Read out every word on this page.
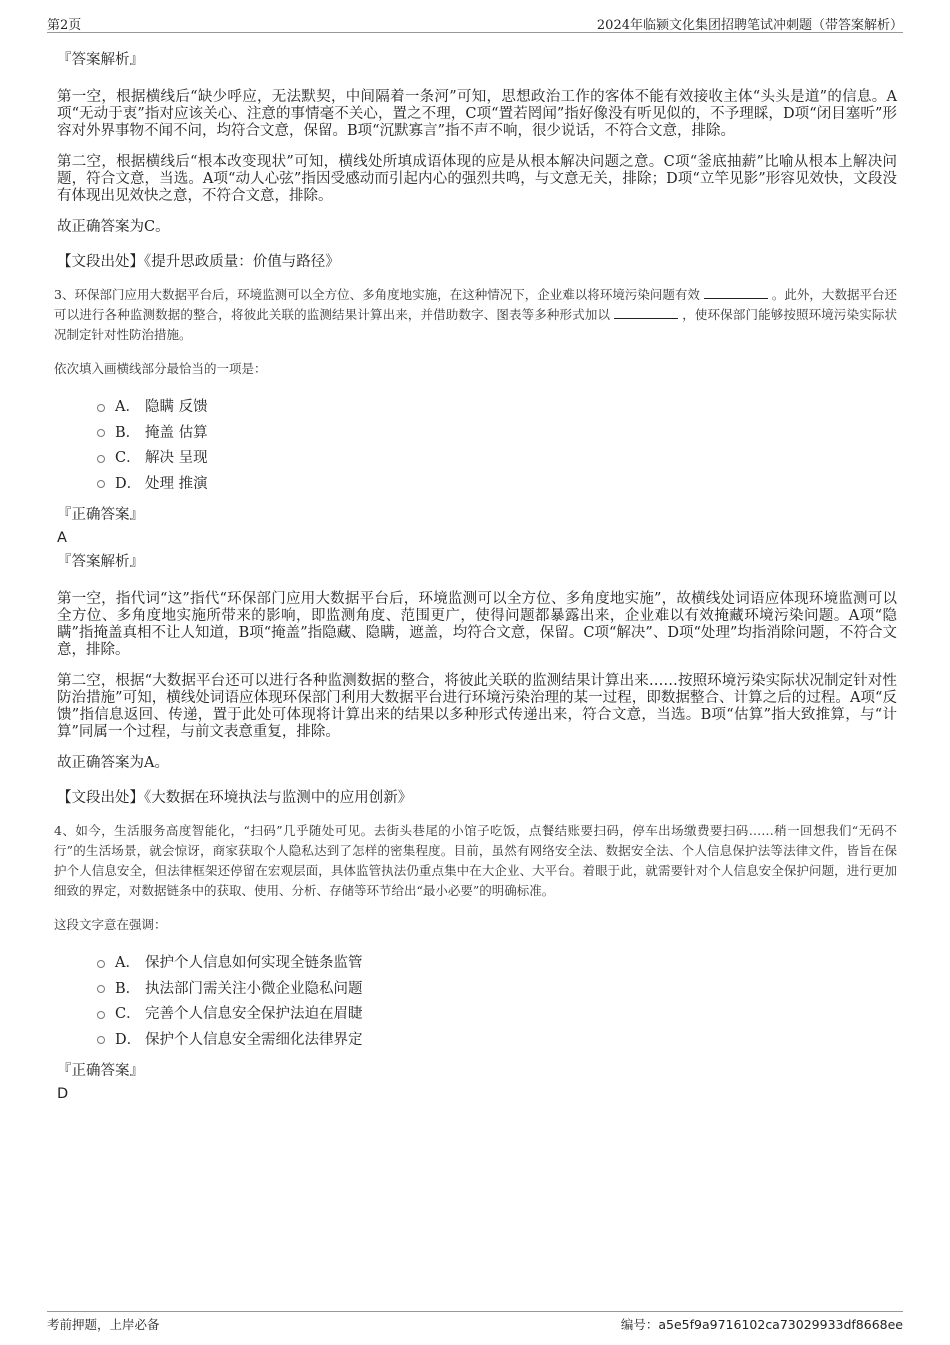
第2页	2024年临颍文化集团招聘笔试冲刺题（带答案解析）
『答案解析』
第一空，根据横线后“缺少呼应，无法默契，中间隔着一条河”可知，思想政治工作的客体不能有效接收主体“头头是道”的信息。A项“无动于衷”指对应该关心、注意的事情毫不关心，置之不理，C项“置若罔闻”指好像没有听见似的，不予理睬，D项“闭目塞听”形容对外界事物不闻不问，均符合文意，保留。B项“沉默寡言”指不声不响，很少说话，不符合文意，排除。
第二空，根据横线后“根本改变现状”可知，横线处所填成语体现的应是从根本解决问题之意。C项“釜底抽薪”比喻从根本上解决问题，符合文意，当选。A项“动人心弦”指因受感动而引起内心的强烈共鸣，与文意无关，排除；D项“立竿见影”形容见效快，文段没有体现出见效快之意，不符合文意，排除。
故正确答案为C。
【文段出处】《提升思政质量：价值与路径》
3、环保部门应用大数据平台后，环境监测可以全方位、多角度地实施，在这种情况下，企业难以将环境污染问题有效	。此外，大数据平台还可以进行各种监测数据的整合，将彼此关联的监测结果计算出来，并借助数字、图表等多种形式加以	，使环保部门能够按照环境污染实际状况制定针对性防治措施。
依次填入画横线部分最恰当的一项是：
A． 隐瞒 反馈
B． 掩盖 估算
C． 解决 呈现
D． 处理 推演
『正确答案』
A
『答案解析』
第一空，指代词“这”指代“环保部门应用大数据平台后，环境监测可以全方位、多角度地实施”，故横线处词语应体现环境监测可以全方位、多角度地实施所带来的影响，即监测角度、范围更广，使得问题都暴露出来，企业难以有效掩藏环境污染问题。A项“隐瞒”指掩盖真相不让人知道，B项“掩盖”指隐藏、隐瞒，遮盖，均符合文意，保留。C项“解决”、D项“处理”均指消除问题，不符合文意，排除。
第二空，根据“大数据平台还可以进行各种监测数据的整合，将彼此关联的监测结果计算出来……按照环境污染实际状况制定针对性防治措施”可知，横线处词语应体现环保部门利用大数据平台进行环境污染治理的某一过程，即数据整合、计算之后的过程。A项“反馈”指信息返回、传递，置于此处可体现将计算出来的结果以多种形式传递出来，符合文意，当选。B项“估算”指大致推算，与“计算”同属一个过程，与前文表意重复，排除。
故正确答案为A。
【文段出处】《大数据在环境执法与监测中的应用创新》
4、如今，生活服务高度智能化，“扫码”几乎随处可见。去街头巷尾的小馆子吃饭，点餐结账要扫码，停车出场缴费要扫码……稍一回想我们“无码不行”的生活场景，就会惊讶，商家获取个人隐私达到了怎样的密集程度。目前，虽然有网络安全法、数据安全法、个人信息保护法等法律文件，皆旨在保护个人信息安全，但法律框架还停留在宏观层面，具体监管执法仍重点集中在大企业、大平台。着眼于此，就需要针对个人信息安全保护问题，进行更加细致的界定，对数据链条中的获取、使用、分析、存储等环节给出“最小必要”的明确标准。
这段文字意在强调：
A． 保护个人信息如何实现全链条监管
B． 执法部门需关注小微企业隐私问题
C． 完善个人信息安全保护法迫在眉睫
D． 保护个人信息安全需细化法律界定
『正确答案』
D
考前押题，上岸必备	编号：a5e5f9a9716102ca73029933df8668ee
